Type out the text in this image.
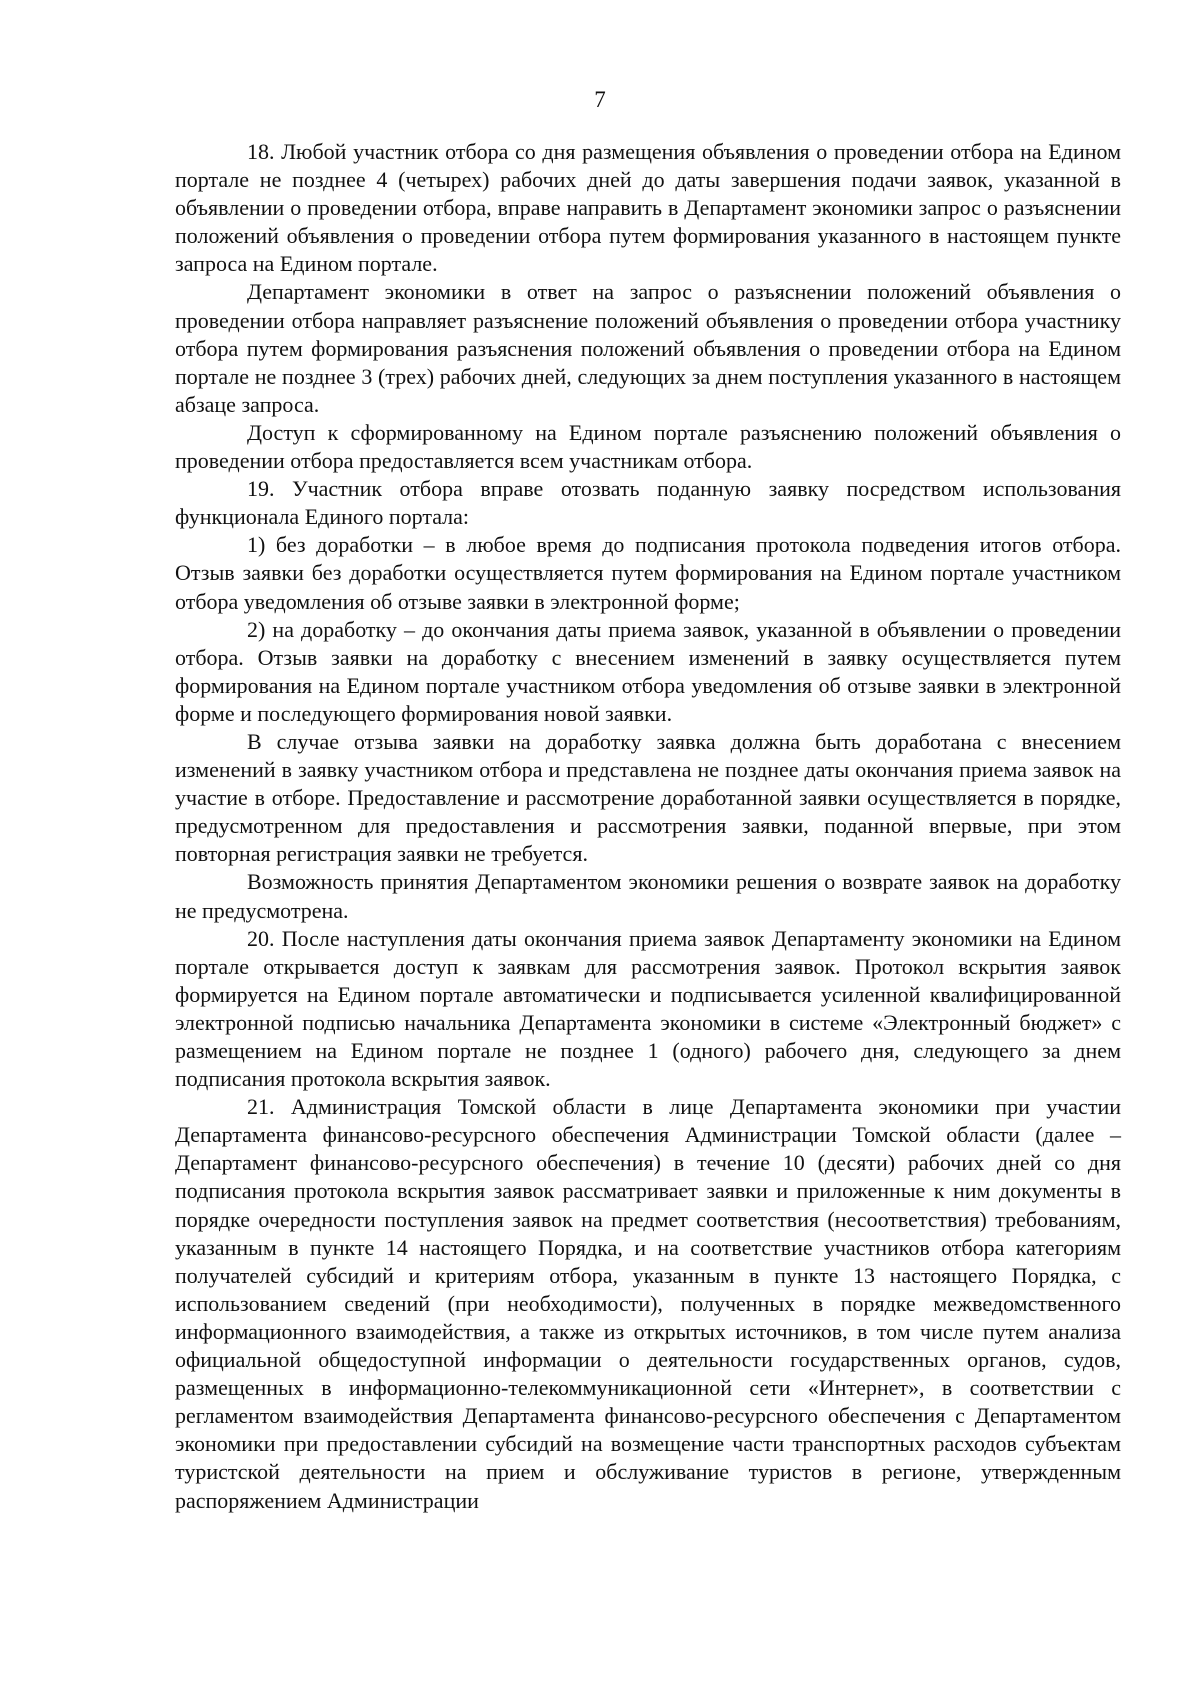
7

18. Любой участник отбора со дня размещения объявления о проведении отбора на Едином портале не позднее 4 (четырех) рабочих дней до даты завершения подачи заявок, указанной в объявлении о проведении отбора, вправе направить в Департамент экономики запрос о разъяснении положений объявления о проведении отбора путем формирования указанного в настоящем пункте запроса на Едином портале.

Департамент экономики в ответ на запрос о разъяснении положений объявления о проведении отбора направляет разъяснение положений объявления о проведении отбора участнику отбора путем формирования разъяснения положений объявления о проведении отбора на Едином портале не позднее 3 (трех) рабочих дней, следующих за днем поступления указанного в настоящем абзаце запроса.

Доступ к сформированному на Едином портале разъяснению положений объявления о проведении отбора предоставляется всем участникам отбора.

19. Участник отбора вправе отозвать поданную заявку посредством использования функционала Единого портала:

1) без доработки – в любое время до подписания протокола подведения итогов отбора. Отзыв заявки без доработки осуществляется путем формирования на Едином портале участником отбора уведомления об отзыве заявки в электронной форме;

2) на доработку – до окончания даты приема заявок, указанной в объявлении о проведении отбора. Отзыв заявки на доработку с внесением изменений в заявку осуществляется путем формирования на Едином портале участником отбора уведомления об отзыве заявки в электронной форме и последующего формирования новой заявки.

В случае отзыва заявки на доработку заявка должна быть доработана с внесением изменений в заявку участником отбора и представлена не позднее даты окончания приема заявок на участие в отборе. Предоставление и рассмотрение доработанной заявки осуществляется в порядке, предусмотренном для предоставления и рассмотрения заявки, поданной впервые, при этом повторная регистрация заявки не требуется.

Возможность принятия Департаментом экономики решения о возврате заявок на доработку не предусмотрена.

20. После наступления даты окончания приема заявок Департаменту экономики на Едином портале открывается доступ к заявкам для рассмотрения заявок. Протокол вскрытия заявок формируется на Едином портале автоматически и подписывается усиленной квалифицированной электронной подписью начальника Департамента экономики в системе «Электронный бюджет» с размещением на Едином портале не позднее 1 (одного) рабочего дня, следующего за днем подписания протокола вскрытия заявок.

21. Администрация Томской области в лице Департамента экономики при участии Департамента финансово-ресурсного обеспечения Администрации Томской области (далее – Департамент финансово-ресурсного обеспечения) в течение 10 (десяти) рабочих дней со дня подписания протокола вскрытия заявок рассматривает заявки и приложенные к ним документы в порядке очередности поступления заявок на предмет соответствия (несоответствия) требованиям, указанным в пункте 14 настоящего Порядка, и на соответствие участников отбора категориям получателей субсидий и критериям отбора, указанным в пункте 13 настоящего Порядка, с использованием сведений (при необходимости), полученных в порядке межведомственного информационного взаимодействия, а также из открытых источников, в том числе путем анализа официальной общедоступной информации о деятельности государственных органов, судов, размещенных в информационно-телекоммуникационной сети «Интернет», в соответствии с регламентом взаимодействия Департамента финансово-ресурсного обеспечения с Департаментом экономики при предоставлении субсидий на возмещение части транспортных расходов субъектам туристской деятельности на прием и обслуживание туристов в регионе, утвержденным распоряжением Администрации
